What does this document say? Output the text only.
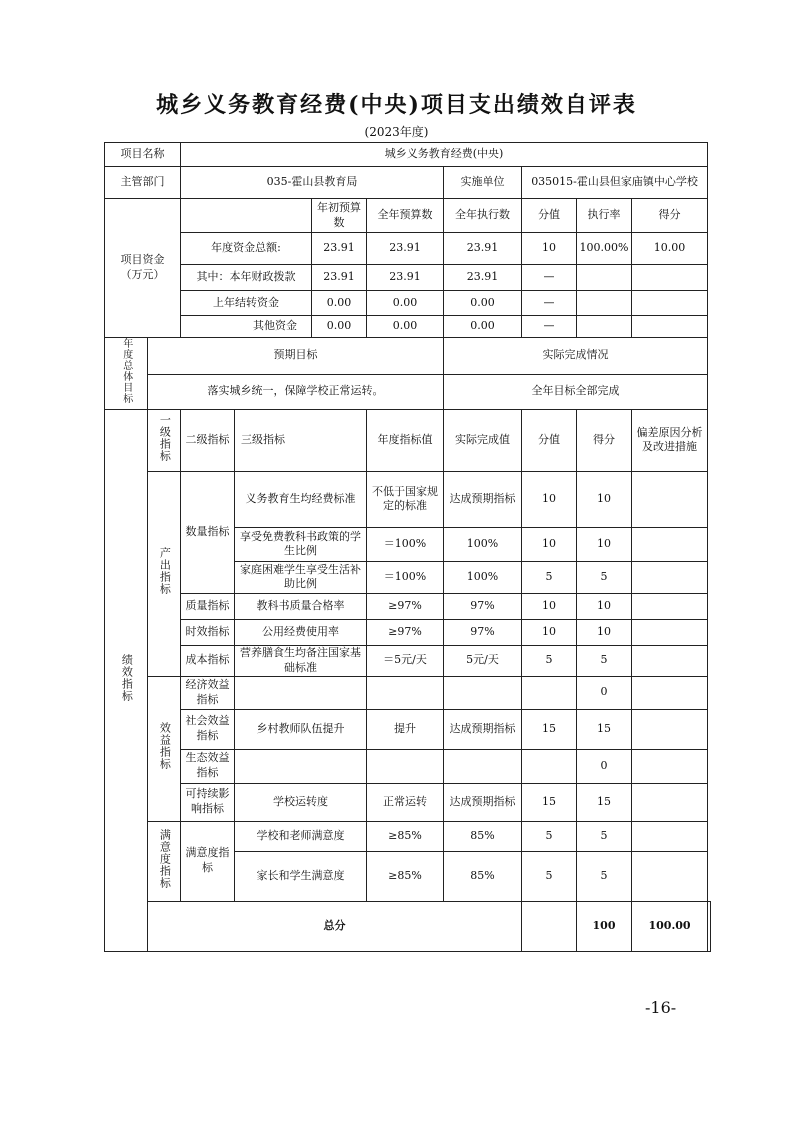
城乡义务教育经费(中央)项目支出绩效自评表
(2023年度)
项目名称		城乡义务教育经费(中央)								
主管部门		035-霍山县教育局				实施单位	035015-霍山县但家庙镇中心学校			
项目资金（万元）				年初预算数	全年预算数	全年执行数	分值	执行率	得分	
		年度资金总额:		23.91	23.91	23.91	10	100.00%	10.00	
		其中：本年财政拨款		23.91	23.91	23.91	—			
		上年结转资金		0.00	0.00	0.00	—			
		其他资金		0.00	0.00	0.00	—			
年度总体目标	预期目标					实际完成情况				
	落实城乡统一，保障学校正常运转。					全年目标全部完成				
绩效指标	一级指标	二级指标	三级指标		年度指标值	实际完成值	分值	得分	偏差原因分析及改进措施	
	产出指标	数量指标	义务教育生均经费标准		不低于国家规定的标准	达成预期指标	10	10		
			享受免费教科书政策的学生比例		＝100%	100%	10	10		
			家庭困难学生享受生活补助比例		＝100%	100%	5	5		
		质量指标	教科书质量合格率		≥97%	97%	10	10		
		时效指标	公用经费使用率		≥97%	97%	10	10		
		成本指标	营养膳食生均备注国家基础标准		＝5元/天	5元/天	5	5		
	效益指标	经济效益指标						0		
		社会效益指标	乡村教师队伍提升		提升	达成预期指标	15	15		
		生态效益指标						0		
		可持续影响指标	学校运转度		正常运转	达成预期指标	15	15		
	满意度指标	满意度指标	学校和老师满意度		≥85%	85%	5	5		
			家长和学生满意度		≥85%	85%	5	5		
	总分							100	100.00	
-16-
